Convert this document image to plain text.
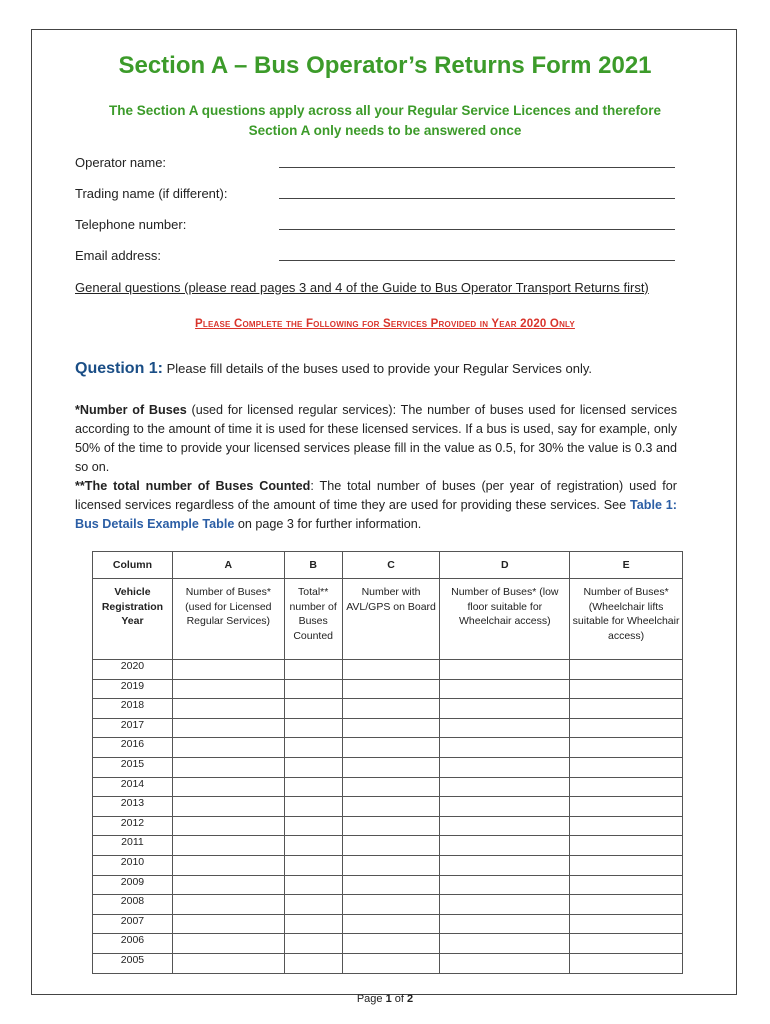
Section A – Bus Operator’s Returns Form 2021
The Section A questions apply across all your Regular Service Licences and therefore
Section A only needs to be answered once
Operator name:
Trading name (if different):
Telephone number:
Email address:
General questions (please read pages 3 and 4 of the Guide to Bus Operator Transport Returns first)
Please Complete the Following for Services Provided in Year 2020 Only
Question 1: Please fill details of the buses used to provide your Regular Services only.
*Number of Buses (used for licensed regular services): The number of buses used for licensed services according to the amount of time it is used for these licensed services. If a bus is used, say for example, only 50% of the time to provide your licensed services please fill in the value as 0.5, for 30% the value is 0.3 and so on.
**The total number of Buses Counted: The total number of buses (per year of registration) used for licensed services regardless of the amount of time they are used for providing these services. See Table 1: Bus Details Example Table on page 3 for further information.
Column	A	B	C	D	E
Vehicle Registration Year	Number of Buses* (used for Licensed Regular Services)	Total** number of Buses Counted	Number with AVL/GPS on Board	Number of Buses* (low floor suitable for Wheelchair access)	Number of Buses* (Wheelchair lifts suitable for Wheelchair access)
2020					
2019					
2018					
2017					
2016					
2015					
2014					
2013					
2012					
2011					
2010					
2009					
2008					
2007					
2006					
2005					
Page 1 of 2
